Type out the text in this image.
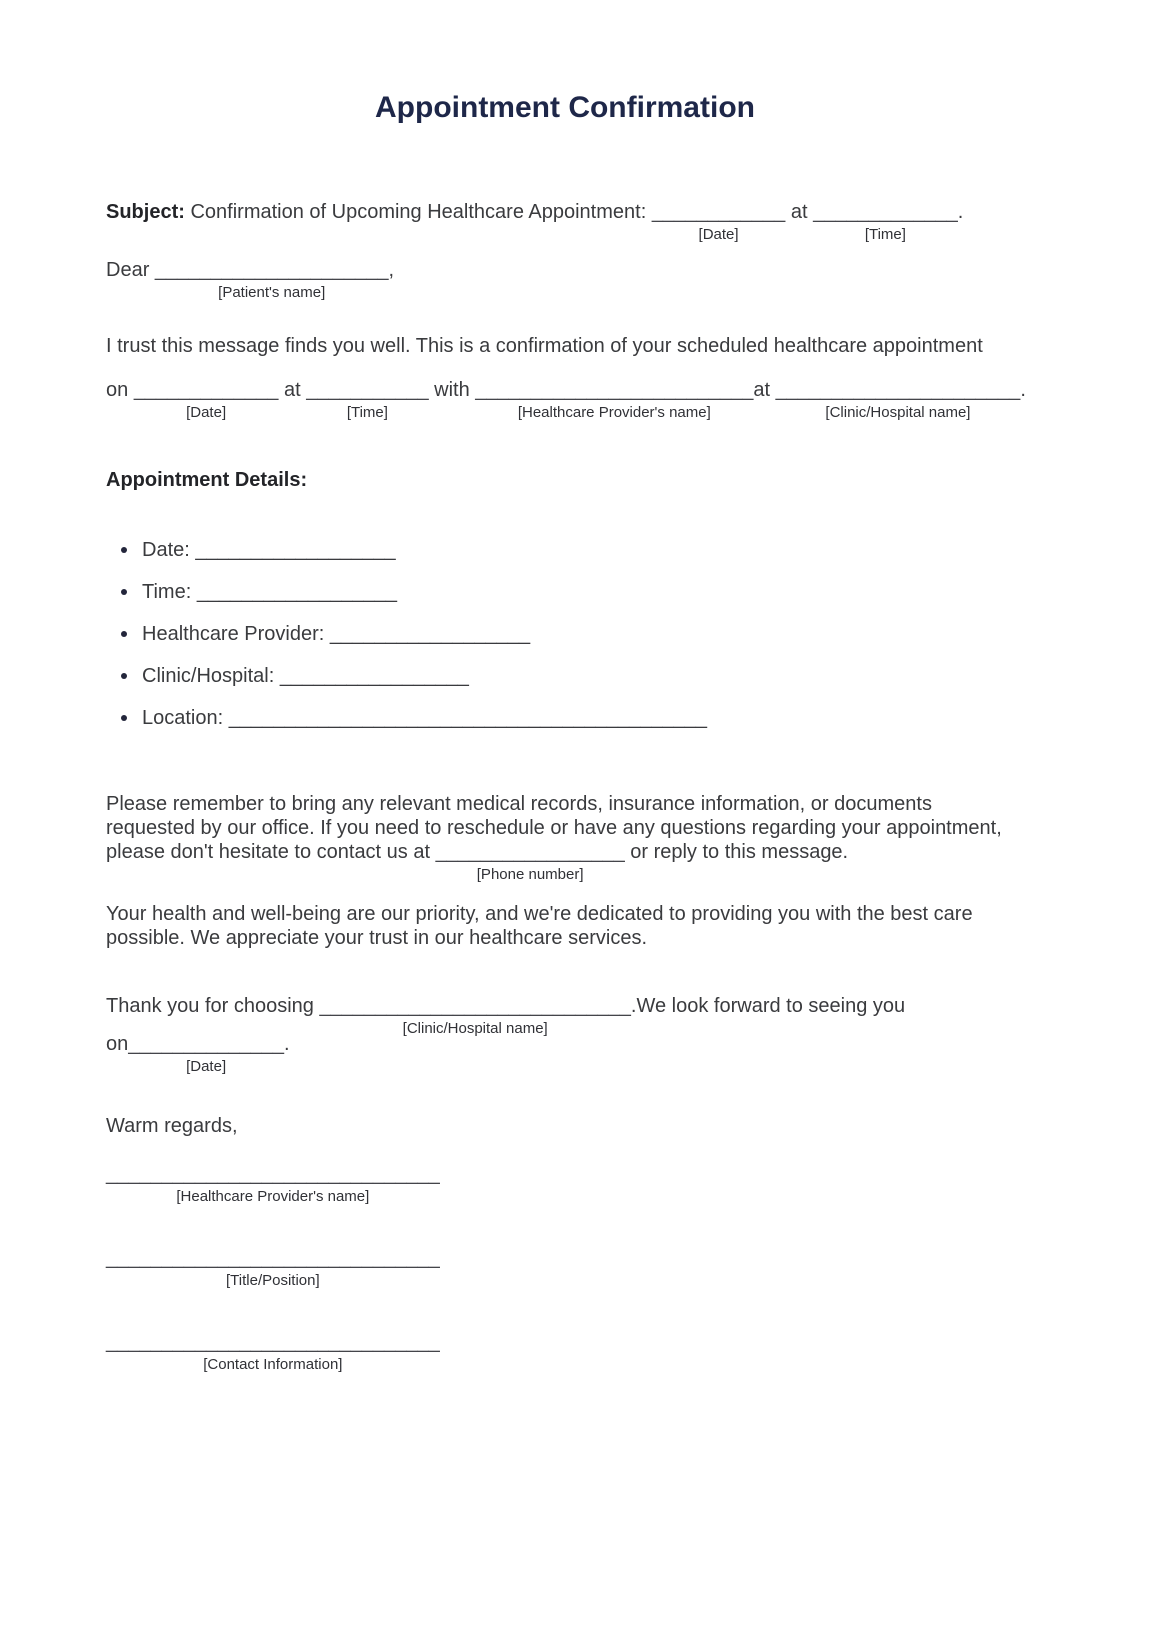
Appointment Confirmation

Subject: Confirmation of Upcoming Healthcare Appointment: ____________
[Date]
at _____________
[Time]
.

Dear _____________________
[Patient's name]
,

I trust this message finds you well. This is a confirmation of your scheduled healthcare appointment

on _____________
[Date]
at ___________
[Time]
with _________________________
[Healthcare Provider's name]
at ______________________
[Clinic/Hospital name]
.

Appointment Details:

Date: __________________
Time: __________________
Healthcare Provider: __________________
Clinic/Hospital: _________________
Location: ___________________________________________

Please remember to bring any relevant medical records, insurance information, or documents requested by our office. If you need to reschedule or have any questions regarding your appointment, please don't hesitate to contact us at _________________
[Phone number]
or reply to this message.

Your health and well-being are our priority, and we're dedicated to providing you with the best care possible. We appreciate your trust in our healthcare services.

Thank you for choosing ____________________________
[Clinic/Hospital name]
.We look forward to seeing you
on______________
[Date]
.

Warm regards,

______________________________
[Healthcare Provider's name]
______________________________
[Title/Position]
______________________________
[Contact Information]
